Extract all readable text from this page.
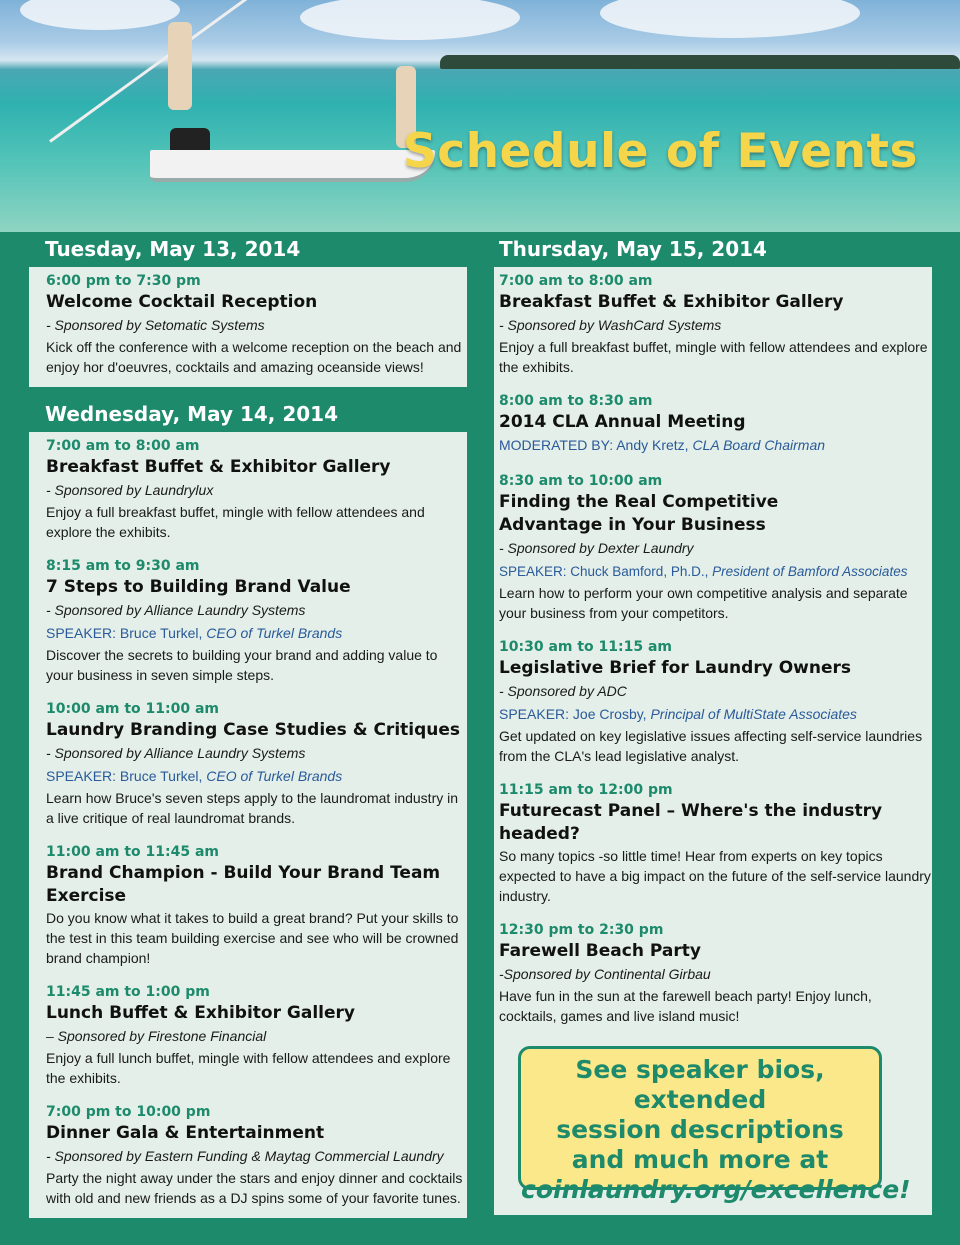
Schedule of Events
Tuesday, May 13, 2014
6:00 pm to 7:30 pm
Welcome Cocktail Reception
- Sponsored by Setomatic Systems
Kick off the conference with a welcome reception on the beach and enjoy hor d'oeuvres, cocktails and amazing oceanside views!
Wednesday, May 14, 2014
7:00 am to 8:00 am
Breakfast Buffet & Exhibitor Gallery
- Sponsored by Laundrylux
Enjoy a full breakfast buffet, mingle with fellow attendees and explore the exhibits.
8:15 am to 9:30 am
7 Steps to Building Brand Value
- Sponsored by Alliance Laundry Systems
SPEAKER: Bruce Turkel, CEO of Turkel Brands
Discover the secrets to building your brand and adding value to your business in seven simple steps.
10:00 am to 11:00 am
Laundry Branding Case Studies & Critiques
- Sponsored by Alliance Laundry Systems
SPEAKER: Bruce Turkel, CEO of Turkel Brands
Learn how Bruce's seven steps apply to the laundromat industry in a live critique of real laundromat brands.
11:00 am to 11:45 am
Brand Champion - Build Your Brand Team Exercise
Do you know what it takes to build a great brand? Put your skills to the test in this team building exercise and see who will be crowned brand champion!
11:45 am to 1:00 pm
Lunch Buffet & Exhibitor Gallery
– Sponsored by Firestone Financial
Enjoy a full lunch buffet, mingle with fellow attendees and explore the exhibits.
7:00 pm to 10:00 pm
Dinner Gala & Entertainment
- Sponsored by Eastern Funding & Maytag Commercial Laundry
Party the night away under the stars and enjoy dinner and cocktails with old and new friends as a DJ spins some of your favorite tunes.
Thursday, May 15, 2014
7:00 am to 8:00 am
Breakfast Buffet & Exhibitor Gallery
- Sponsored by WashCard Systems
Enjoy a full breakfast buffet, mingle with fellow attendees and explore the exhibits.
8:00 am to 8:30 am
2014 CLA Annual Meeting
MODERATED BY: Andy Kretz, CLA Board Chairman
8:30 am to 10:00 am
Finding the Real Competitive Advantage in Your Business
- Sponsored by Dexter Laundry
SPEAKER: Chuck Bamford, Ph.D., President of Bamford Associates
Learn how to perform your own competitive analysis and separate your business from your competitors.
10:30 am to 11:15 am
Legislative Brief for Laundry Owners
- Sponsored by ADC
SPEAKER: Joe Crosby, Principal of MultiState Associates
Get updated on key legislative issues affecting self-service laundries from the CLA's lead legislative analyst.
11:15 am to 12:00 pm
Futurecast Panel – Where's the industry headed?
So many topics -so little time! Hear from experts on key topics expected to have a big impact on the future of the self-service laundry industry.
12:30 pm to 2:30 pm
Farewell Beach Party
-Sponsored by Continental Girbau
Have fun in the sun at the farewell beach party! Enjoy lunch, cocktails, games and live island music!
See speaker bios, extended
session descriptions
and much more at
coinlaundry.org/excellence!
